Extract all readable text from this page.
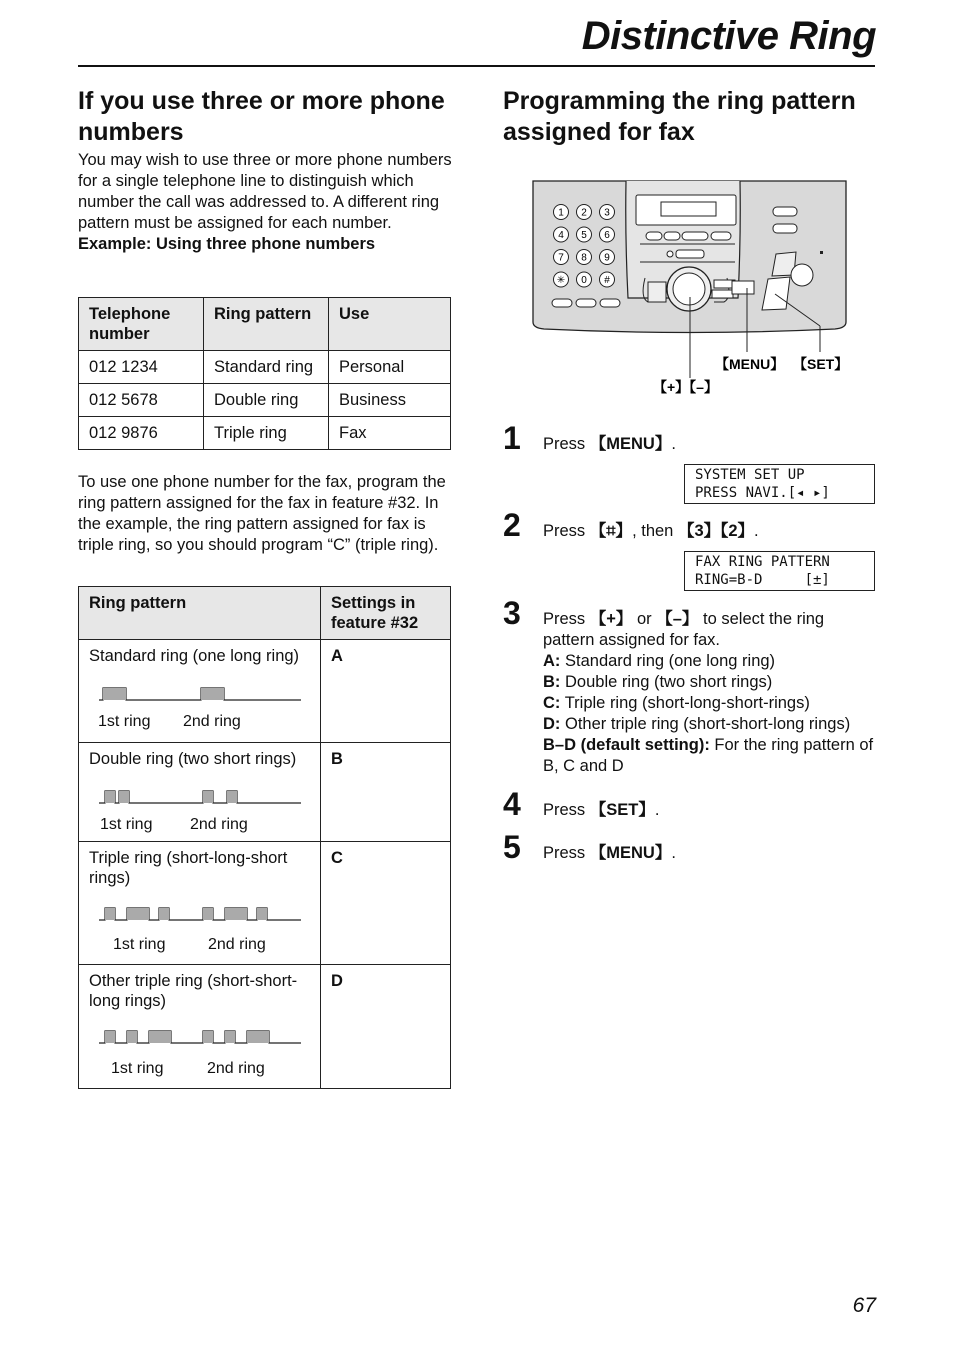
Distinctive Ring
If you use three or more phone numbers
You may wish to use three or more phone numbers for a single telephone line to distinguish which number the call was addressed to. A different ring pattern must be assigned for each number.
Example: Using three phone numbers
Telephone number	Ring pattern	Use
012 1234	Standard ring	Personal
012 5678	Double ring	Business
012 9876	Triple ring	Fax
To use one phone number for the fax, program the ring pattern assigned for the fax in feature #32. In the example, the ring pattern assigned for fax is triple ring, so you should program “C” (triple ring).
Ring pattern	Settings in feature #32

Standard ring (one long ring)
1st ring 2nd ring	A

Double ring (two short rings)
1st ring 2nd ring	B

Triple ring (short-long-short rings)
1st ring 2nd ring	C

Other triple ring (short-short-long rings)
1st ring 2nd ring	D
Programming the ring pattern assigned for fax
1 2 3
4 5 6
7 8 9
✳ 0 #
【MENU】 【SET】
【+】【–】
1	Press 【MENU】.
SYSTEM SET UP
PRESS NAVI.[◂ ▸]
2	Press 【⌗】, then 【3】【2】.
FAX RING PATTERN
RING=B-D     [±]
3	Press 【+】 or 【–】 to select the ring pattern assigned for fax.
A: Standard ring (one long ring)
B: Double ring (two short rings)
C: Triple ring (short-long-short-rings)
D: Other triple ring (short-short-long rings)
B–D (default setting): For the ring pattern of B, C and D
4	Press 【SET】.
5	Press 【MENU】.
67
